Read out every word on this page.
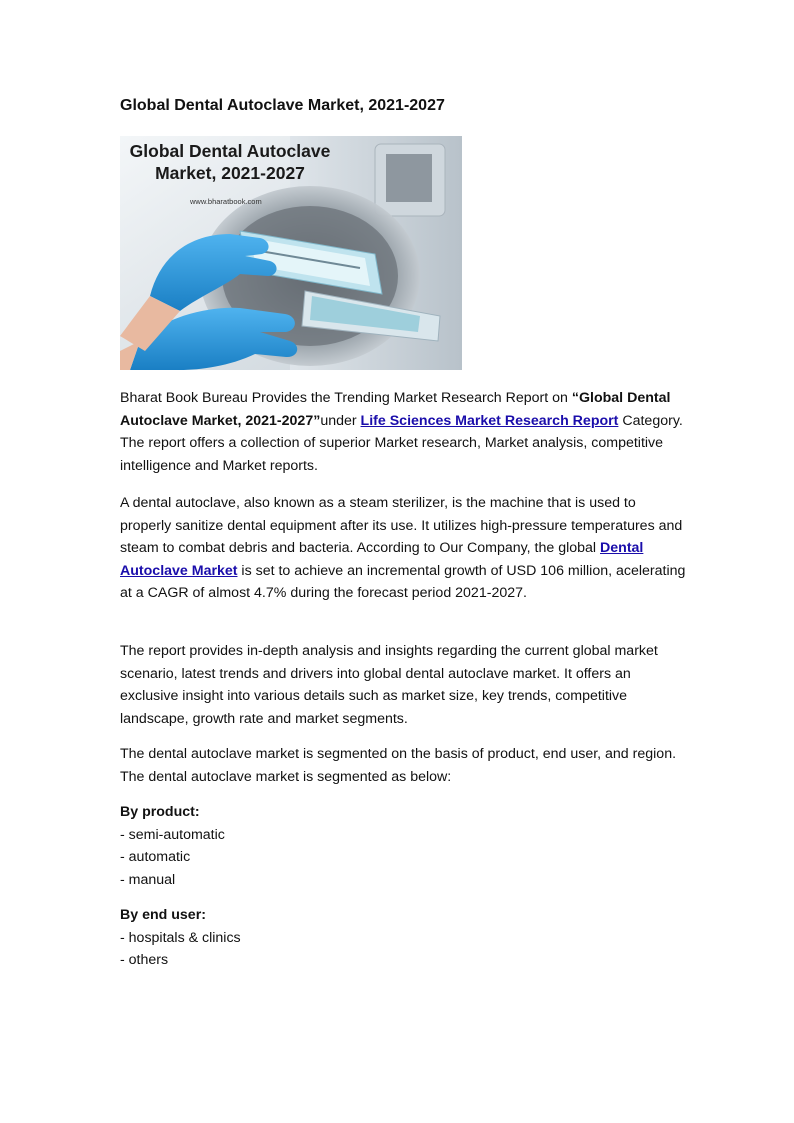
Global Dental Autoclave Market, 2021-2027
Global Dental Autoclave
Market, 2021-2027
www.bharatbook.com

Bharat Book Bureau Provides the Trending Market Research Report on “Global Dental Autoclave Market, 2021-2027”under Life Sciences Market Research Report Category. The report offers a collection of superior Market research, Market analysis, competitive intelligence and Market reports.

A dental autoclave, also known as a steam sterilizer, is the machine that is used to properly sanitize dental equipment after its use. It utilizes high-pressure temperatures and steam to combat debris and bacteria. According to Our Company, the global Dental Autoclave Market is set to achieve an incremental growth of USD 106 million, acelerating at a CAGR of almost 4.7% during the forecast period 2021-2027.

The report provides in-depth analysis and insights regarding the current global market scenario, latest trends and drivers into global dental autoclave market. It offers an exclusive insight into various details such as market size, key trends, competitive landscape, growth rate and market segments.

The dental autoclave market is segmented on the basis of product, end user, and region. The dental autoclave market is segmented as below:

By product:
- semi-automatic
- automatic
- manual
By end user:
- hospitals & clinics
- others
